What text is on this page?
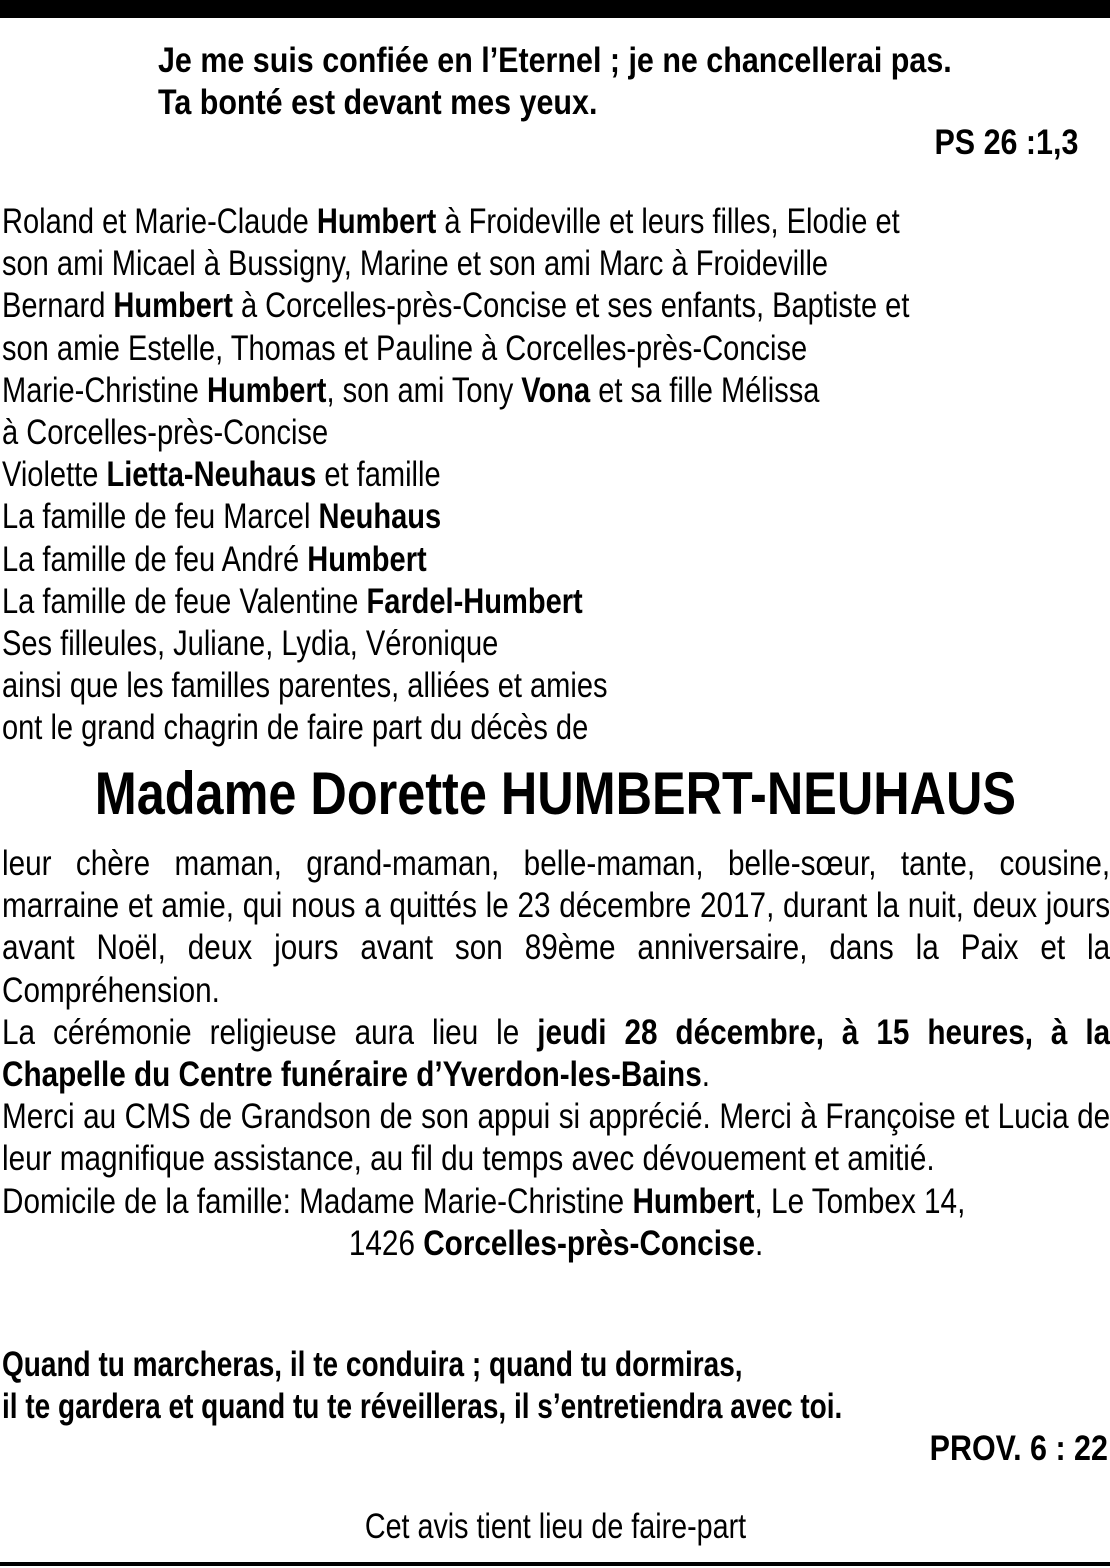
Je me suis confiée en l’Eternel ; je ne chancellerai pas.
Ta bonté est devant mes yeux.
PS 26 :1,3
Roland et Marie-Claude Humbert à Froideville et leurs filles, Elodie et
son ami Micael à Bussigny, Marine et son ami Marc à Froideville
Bernard Humbert à Corcelles-près-Concise et ses enfants, Baptiste et
son amie Estelle, Thomas et Pauline à Corcelles-près-Concise
Marie-Christine Humbert, son ami Tony Vona et sa fille Mélissa
à Corcelles-près-Concise
Violette Lietta-Neuhaus et famille
La famille de feu Marcel Neuhaus
La famille de feu André Humbert
La famille de feue Valentine Fardel-Humbert
Ses filleules, Juliane, Lydia, Véronique
ainsi que les familles parentes, alliées et amies
ont le grand chagrin de faire part du décès de
Madame Dorette HUMBERT-NEUHAUS

leur chère maman, grand-maman, belle-maman, belle-sœur, tante, cousine, marraine et amie, qui nous a quittés le 23 décembre 2017, durant la nuit, deux jours avant Noël, deux jours avant son 89ème anniversaire, dans la Paix et la Compréhension.

La cérémonie religieuse aura lieu le jeudi 28 décembre, à 15 heures, à la Chapelle du Centre funéraire d’Yverdon-les-Bains.

Merci au CMS de Grandson de son appui si apprécié. Merci à Françoise et Lucia de leur magnifique assistance, au fil du temps avec dévouement et amitié.

Domicile de la famille: Madame Marie-Christine Humbert, Le Tombex 14,

1426 Corcelles-près-Concise.

Quand tu marcheras, il te conduira ; quand tu dormiras,
il te gardera et quand tu te réveilleras, il s’entretiendra avec toi.
PROV. 6 : 22
Cet avis tient lieu de faire-part
